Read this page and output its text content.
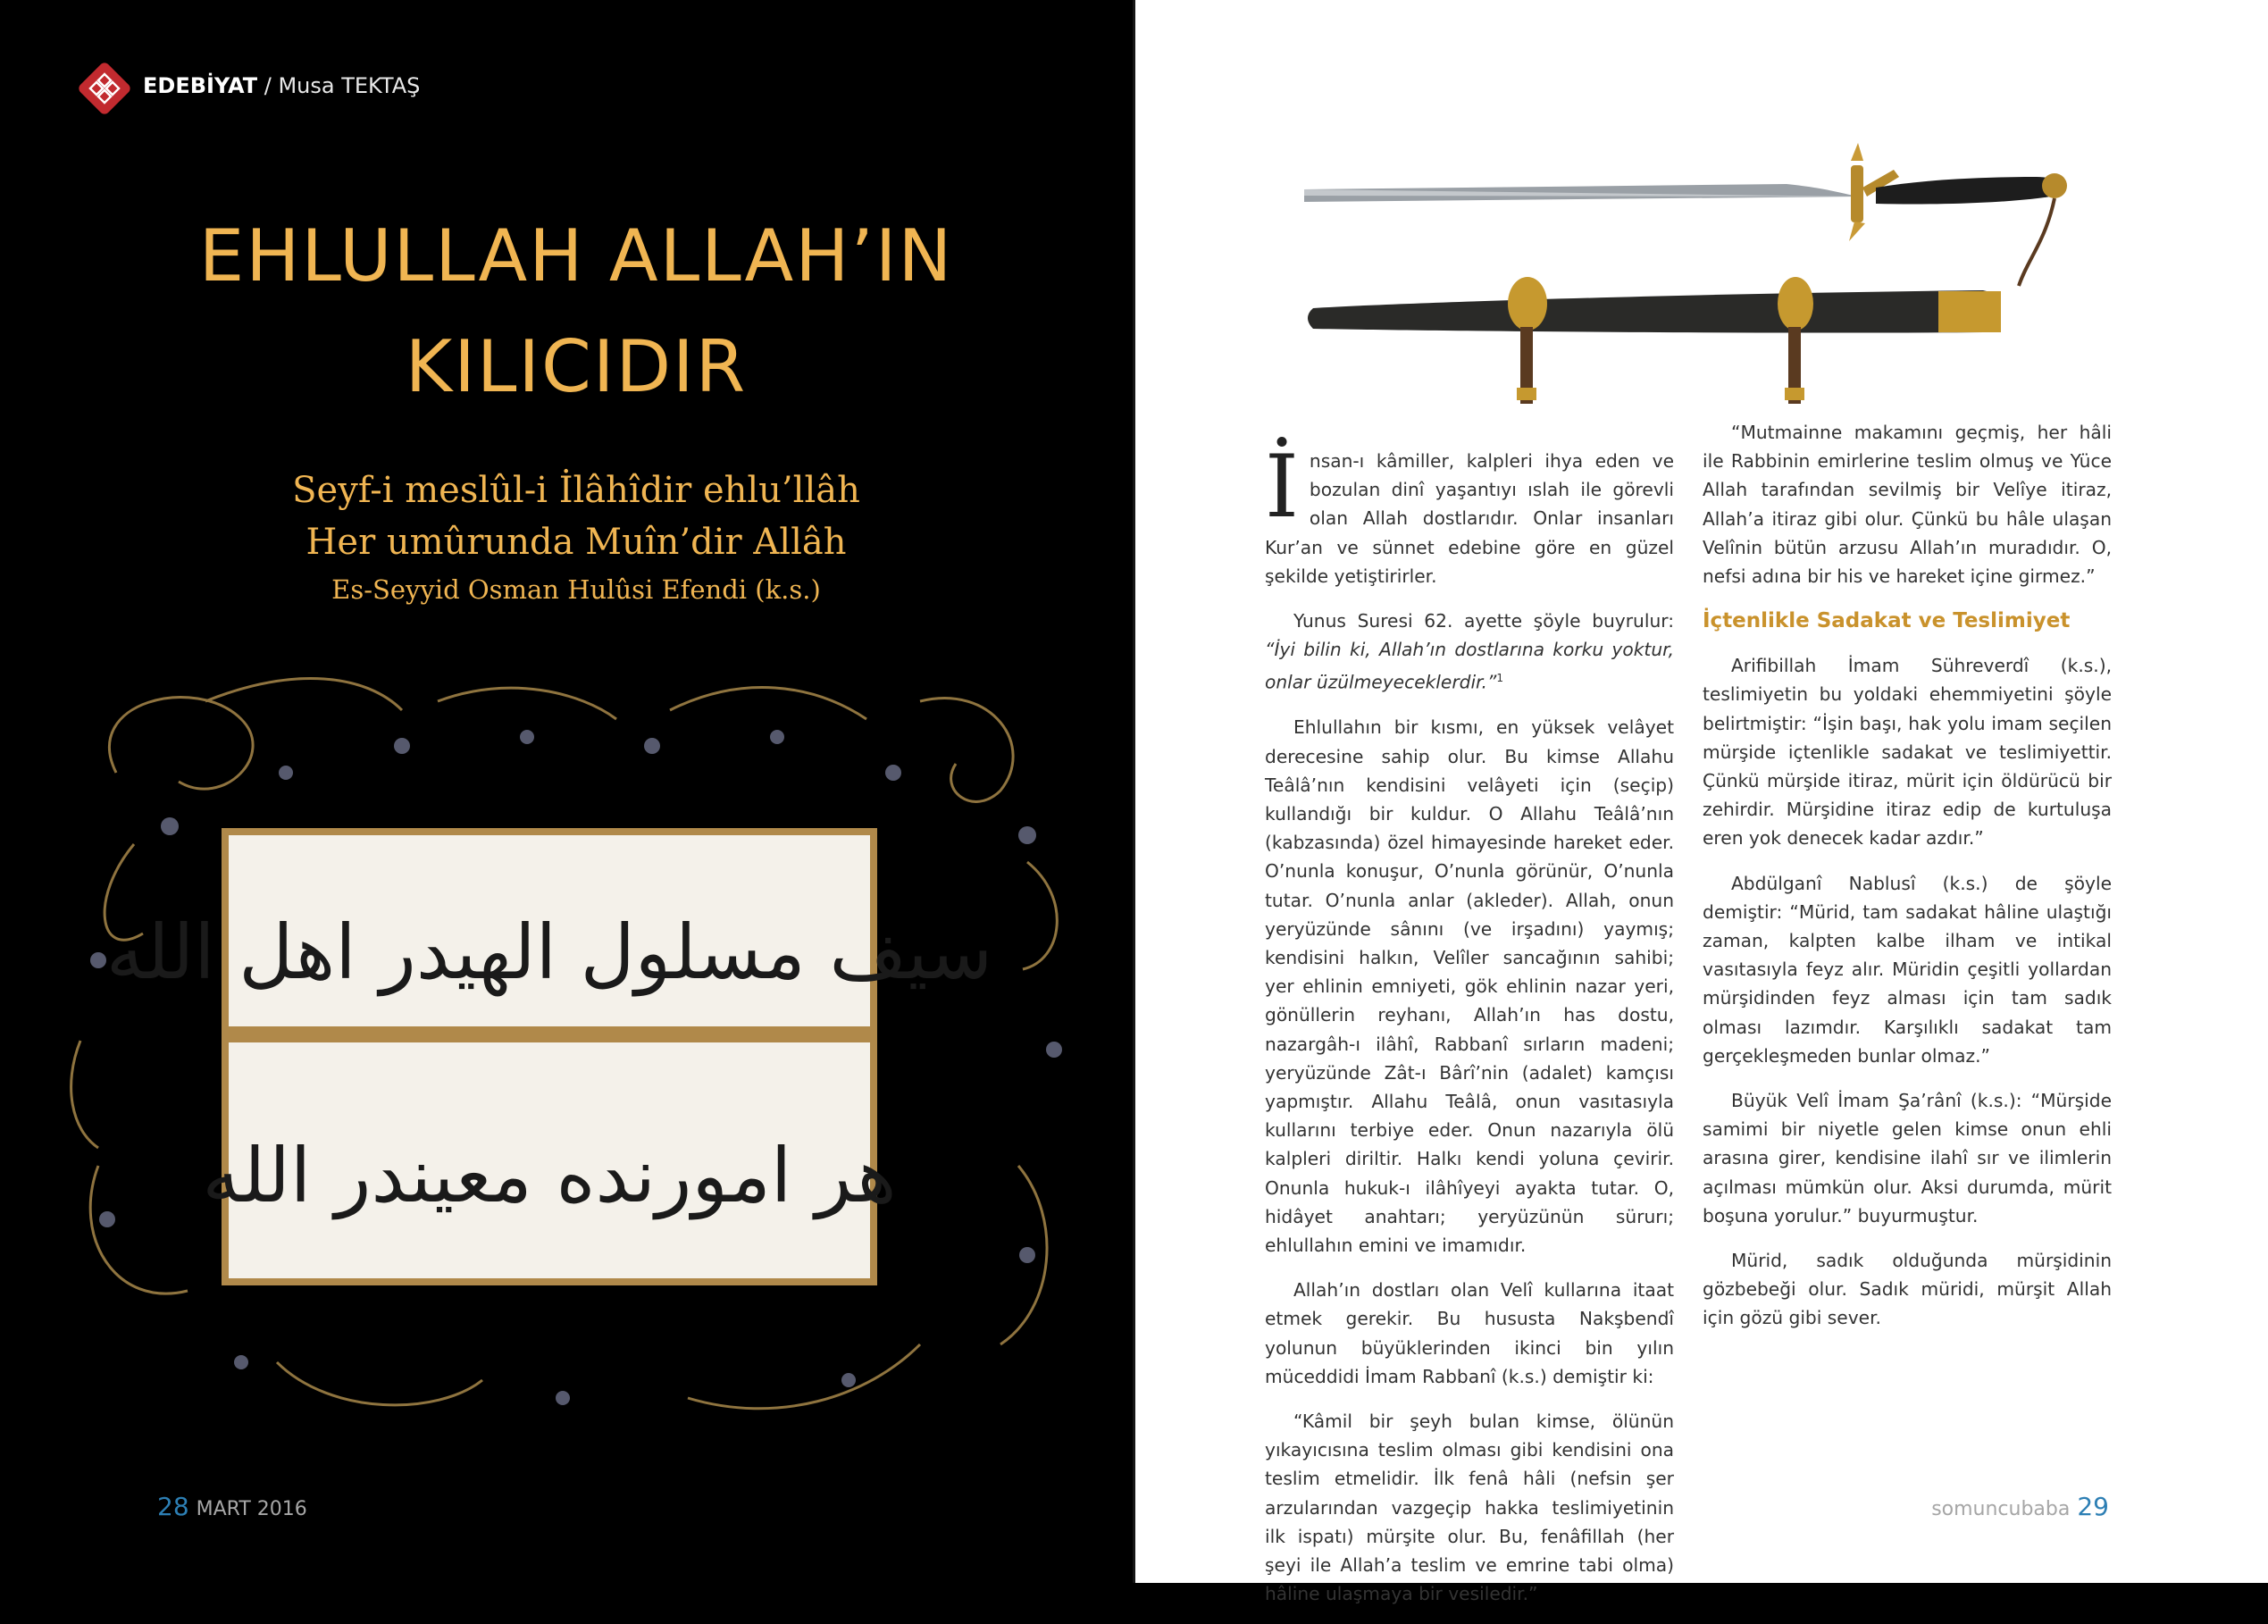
EDEBİYAT / Musa TEKTAŞ
EHLULLAH ALLAH’IN
KILICIDIR
Seyf-i meslûl-i İlâhîdir ehlu’llâh
Her umûrunda Muîn’dir Allâh
Es-Seyyid Osman Hulûsi Efendi (k.s.)
سیف مسلول الهیدر اهل الله
هر امورنده معیندر الله
28 MART 2016

İnsan-ı kâmiller, kalpleri ihya eden ve bozulan dinî yaşantıyı ıslah ile görevli olan Allah dostlarıdır. Onlar insanları Kur’an ve sünnet edebine göre en güzel şekilde yetiştirirler.

Yunus Suresi 62. ayette şöyle buyrulur: “İyi bilin ki, Allah’ın dostlarına korku yoktur, onlar üzülmeyeceklerdir.”$^1$

Ehlullahın bir kısmı, en yüksek velâyet derecesine sahip olur. Bu kimse Allahu Teâlâ’nın kendisini velâyeti için (seçip) kullandığı bir kuldur. O Allahu Teâlâ’nın (kabzasında) özel himayesinde hareket eder. O’nunla konuşur, O’nunla görünür, O’nunla tutar. O’nunla anlar (akleder). Allah, onun yeryüzünde sânını (ve irşadını) yaymış; kendisini halkın, Velîler sancağının sahibi; yer ehlinin emniyeti, gök ehlinin nazar yeri, gönüllerin reyhanı, Allah’ın has dostu, nazargâh-ı ilâhî, Rabbanî sırların madeni; yeryüzünde Zât-ı Bârî’nin (adalet) kamçısı yapmıştır. Allahu Teâlâ, onun vasıtasıyla kullarını terbiye eder. Onun nazarıyla ölü kalpleri diriltir. Halkı kendi yoluna çevirir. Onunla hukuk-ı ilâhîyeyi ayakta tutar. O, hidâyet anahtarı; yeryüzünün sürurı; ehlullahın emini ve imamıdır.

Allah’ın dostları olan Velî kullarına itaat etmek gerekir. Bu hususta Nakşbendî yolunun büyüklerinden ikinci bin yılın müceddidi İmam Rabbanî (k.s.) demiştir ki:

“Kâmil bir şeyh bulan kimse, ölünün yıkayıcısına teslim olması gibi kendisini ona teslim etmelidir. İlk fenâ hâli (nefsin şer arzularından vazgeçip hakka teslimiyetinin ilk ispatı) mürşite olur. Bu, fenâfillah (her şeyi ile Allah’a teslim ve emrine tabi olma) hâline ulaşmaya bir vesiledir.”

“Mutmainne makamını geçmiş, her hâli ile Rabbinin emirlerine teslim olmuş ve Yüce Allah tarafından sevilmiş bir Velîye itiraz, Allah’a itiraz gibi olur. Çünkü bu hâle ulaşan Velînin bütün arzusu Allah’ın muradıdır. O, nefsi adına bir his ve hareket içine girmez.”

İçtenlikle Sadakat ve Teslimiyet

Arifibillah İmam Sühreverdî (k.s.), teslimiyetin bu yoldaki ehemmiyetini şöyle belirtmiştir: “İşin başı, hak yolu imam seçilen mürşide içtenlikle sadakat ve teslimiyettir. Çünkü mürşide itiraz, mürit için öldürücü bir zehirdir. Mürşidine itiraz edip de kurtuluşa eren yok denecek kadar azdır.”

Abdülganî Nablusî (k.s.) de şöyle demiştir: “Mürid, tam sadakat hâline ulaştığı zaman, kalpten kalbe ilham ve intikal vasıtasıyla feyz alır. Müridin çeşitli yollardan mürşidinden feyz alması için tam sadık olması lazımdır. Karşılıklı sadakat tam gerçekleşmeden bunlar olmaz.”

Büyük Velî İmam Şa’rânî (k.s.): “Mürşide samimi bir niyetle gelen kimse onun ehli arasına girer, kendisine ilahî sır ve ilimlerin açılması mümkün olur. Aksi durumda, mürit boşuna yorulur.” buyurmuştur.

Mürid, sadık olduğunda mürşidinin gözbebeği olur. Sadık müridi, mürşit Allah için gözü gibi sever.

somuncubaba 29
